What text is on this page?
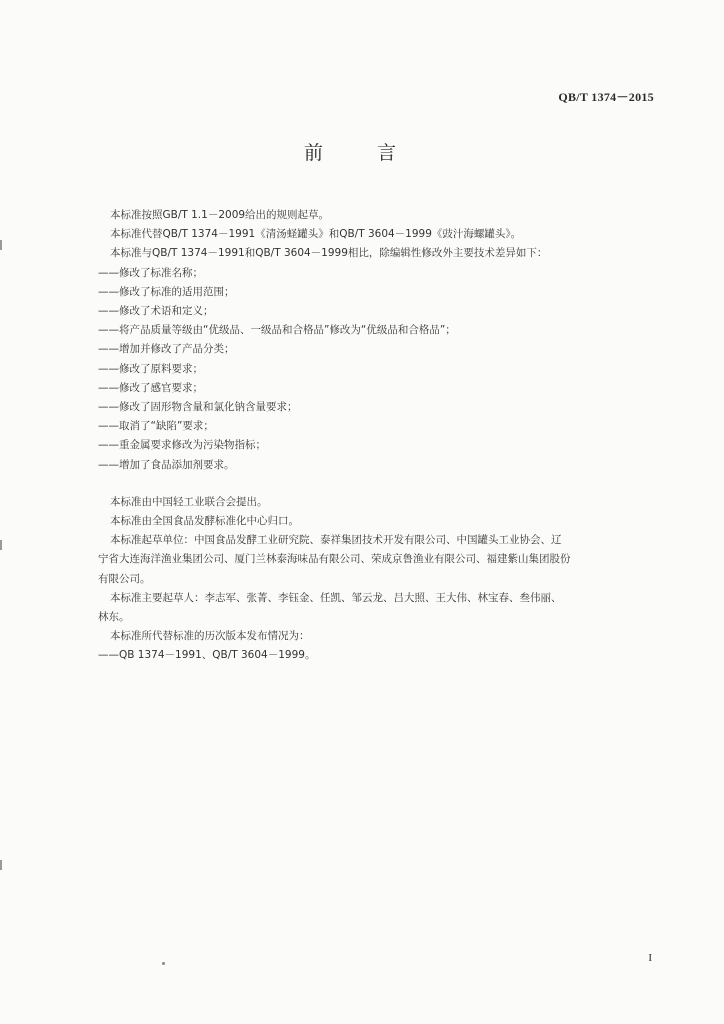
QB/T 1374－2015
前 言
本标准按照GB/T 1.1－2009给出的规则起草。
本标准代替QB/T 1374－1991《清汤蛏罐头》和QB/T 3604－1999《豉汁海螺罐头》。
本标准与QB/T 1374－1991和QB/T 3604－1999相比，除编辑性修改外主要技术差异如下：
——修改了标准名称；
——修改了标准的适用范围；
——修改了术语和定义；
——将产品质量等级由“优级品、一级品和合格品”修改为“优级品和合格品”；
——增加并修改了产品分类；
——修改了原料要求；
——修改了感官要求；
——修改了固形物含量和氯化钠含量要求；
——取消了“缺陷”要求；
——重金属要求修改为污染物指标；
——增加了食品添加剂要求。
本标准由中国轻工业联合会提出。
本标准由全国食品发酵标准化中心归口。
本标准起草单位：中国食品发酵工业研究院、泰祥集团技术开发有限公司、中国罐头工业协会、辽
宁省大连海洋渔业集团公司、厦门兰林泰海味品有限公司、荣成京鲁渔业有限公司、福建紫山集团股份
有限公司。
本标准主要起草人：李志军、张菁、李钰金、任凯、邹云龙、吕大照、王大伟、林宝春、叁伟丽、
林东。
本标准所代替标准的历次版本发布情况为：
——QB 1374－1991、QB/T 3604－1999。
I
